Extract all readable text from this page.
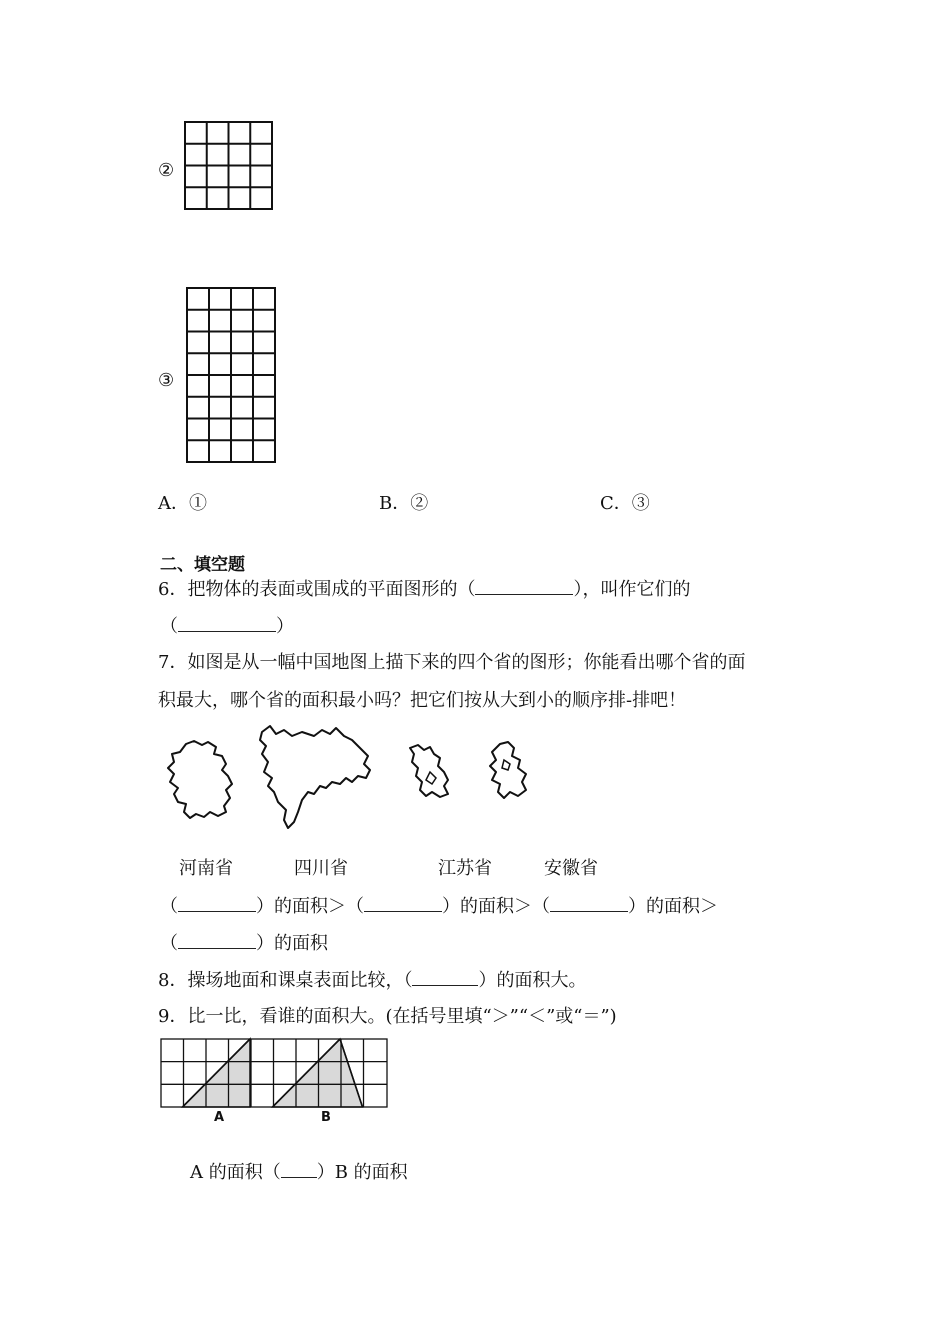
②
③
A．①	B．②	C．③
二、填空题
6．把物体的表面或围成的平面图形的（	），叫作它们的
（	）
7．如图是从一幅中国地图上描下来的四个省的图形；你能看出哪个省的面
积最大，哪个省的面积最小吗？把它们按从大到小的顺序排-排吧！
河南省	四川省	江苏省	安徽省
（	）的面积＞（	）的面积＞（	）的面积＞
（	）的面积
8．操场地面和课桌表面比较，（	）的面积大。
9．比一比，看谁的面积大。(在括号里填“＞”“＜”或“＝”)
A	B
A 的面积（ ）B 的面积
